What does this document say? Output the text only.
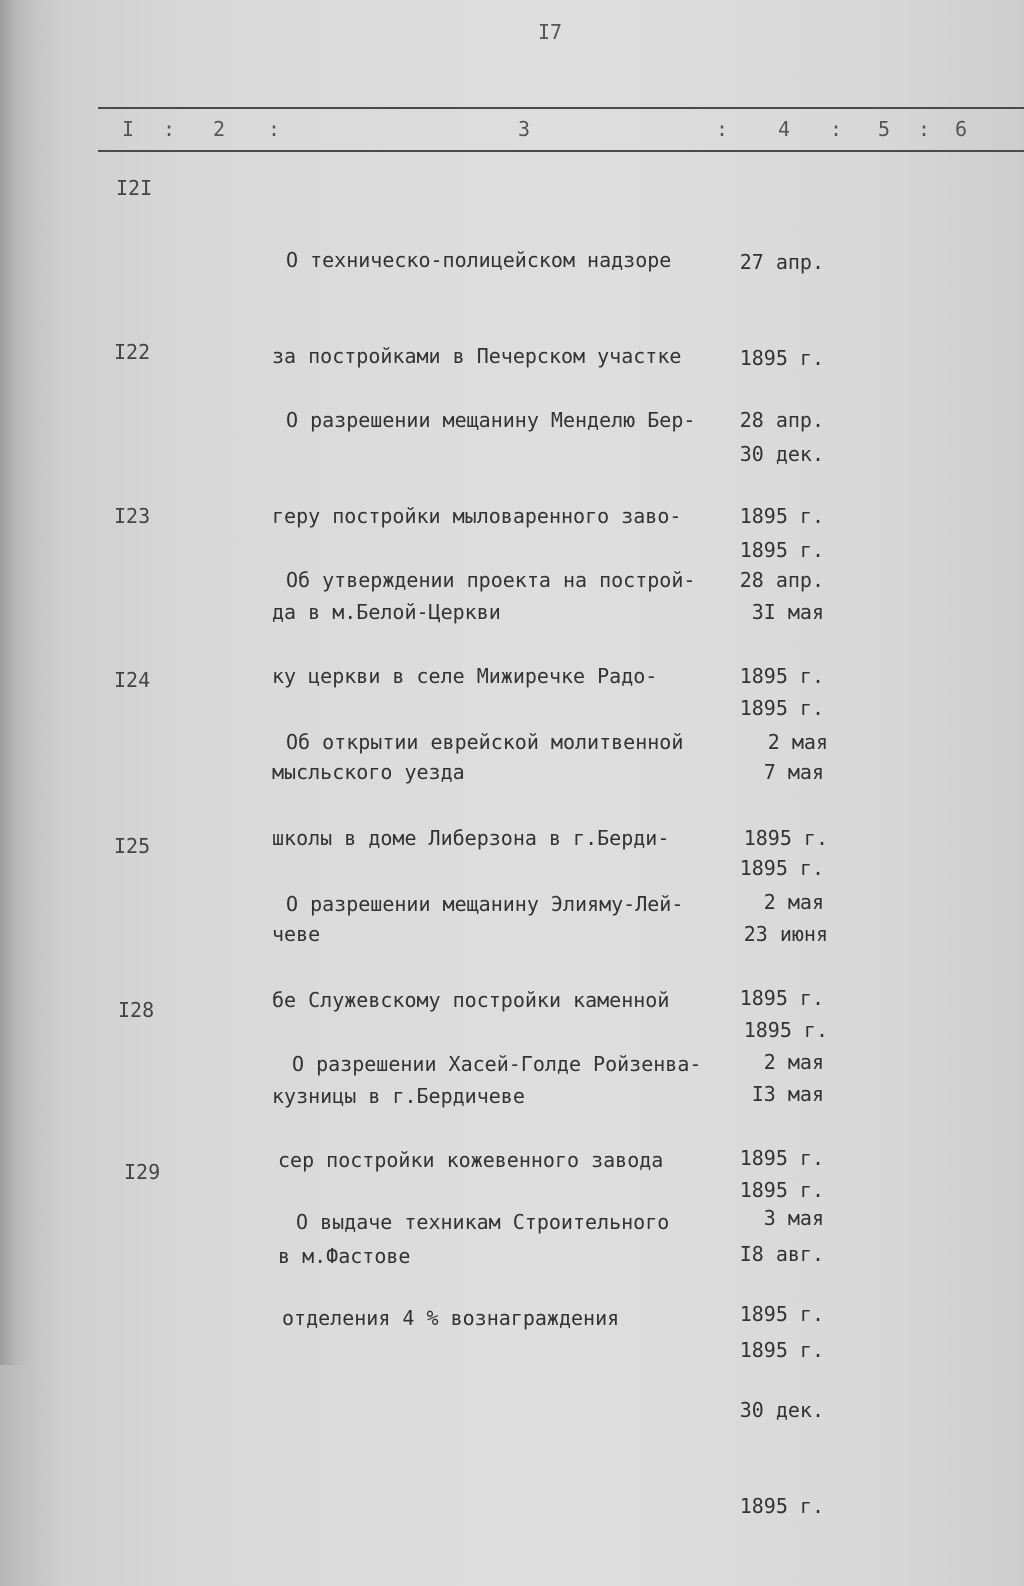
I7
I : 2 :	3	: 4 : 5 : 6
I2I

О техническо-полицейском надзоре

за постройками в Печерском участке

27 апр.

1895 г.

30 дек.

1895 г.

I22

О разрешении мещанину Менделю Бер-

геру постройки мыловаренного заво-

да в м.Белой-Церкви

28 апр.

1895 г.

3I мая

1895 г.

I23

Об утверждении проекта на построй-

ку церкви в селе Мижиречке Радо-

мысльского уезда

28 апр.

1895 г.

7 мая

1895 г.

I24

Об открытии еврейской молитвенной

школы в доме Либерзона в г.Берди-

чеве

2 мая

1895 г.

23 июня

1895 г.

I25

О разрешении мещанину Элияму-Лей-

бе Служевскому постройки каменной

кузницы в г.Бердичеве

2 мая

1895 г.

I3 мая

1895 г.

I28

О разрешении Хасей-Голде Ройзенва-

сер постройки кожевенного завода

в м.Фастове

2 мая

1895 г.

I8 авг.

1895 г.

I29

О выдаче техникам Строительного

отделения 4 % вознаграждения

3 мая

1895 г.

30 дек.

1895 г.
